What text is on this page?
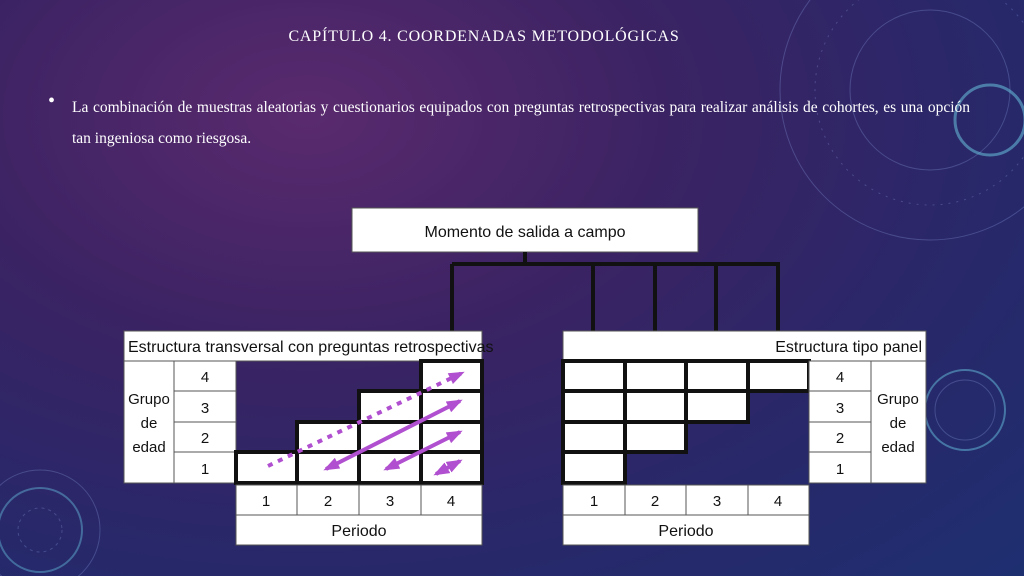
CAPÍTULO 4. COORDENADAS METODOLÓGICAS
• La combinación de muestras aleatorias y cuestionarios equipados con preguntas retrospectivas para realizar análisis de cohortes, es una opción tan ingeniosa como riesgosa.
Momento de salida a campo
Estructura transversal con preguntas retrospectivas
Grupo
de
edad
4
3
2
1
1	2	3	4
Periodo
Estructura tipo panel
4
3
2
1
Grupo
de
edad
1	2	3	4
Periodo
